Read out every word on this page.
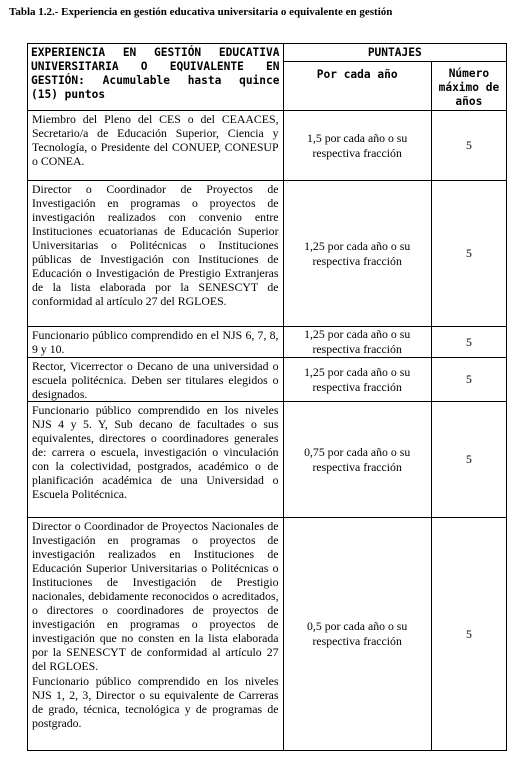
Tabla 1.2.- Experiencia en gestión educativa universitaria o equivalente en gestión
EXPERIENCIA EN GESTIÓN EDUCATIVA UNIVERSITARIA O EQUIVALENTE EN GESTIÓN: Acumulable hasta quince (15) puntos	PUNTAJES	
	Por cada año	Número máximo de años

Miembro del Pleno del CES o del CEAACES, Secretario/a de Educación Superior, Ciencia y Tecnología, o Presidente del CONUEP, CONESUP o CONEA.	1,5 por cada año o su respectiva fracción	5

Director o Coordinador de Proyectos de Investigación en programas o proyectos de investigación realizados con convenio entre Instituciones ecuatorianas de Educación Superior Universitarias o Politécnicas o Instituciones públicas de Investigación con Instituciones de Educación o Investigación de Prestigio Extranjeras de la lista elaborada por la SENESCYT de conformidad al artículo 27 del RGLOES.	1,25 por cada año o su respectiva fracción	5

Funcionario público comprendido en el NJS 6, 7, 8, 9 y 10.	1,25 por cada año o su respectiva fracción	5

Rector, Vicerrector o Decano de una universidad o escuela politécnica. Deben ser titulares elegidos o designados.	1,25 por cada año o su respectiva fracción	5

Funcionario público comprendido en los niveles NJS 4 y 5. Y, Sub decano de facultades o sus equivalentes, directores o coordinadores generales de: carrera o escuela, investigación o vinculación con la colectividad, postgrados, académico o de planificación académica de una Universidad o Escuela Politécnica.	0,75 por cada año o su respectiva fracción	5

Director o Coordinador de Proyectos Nacionales de Investigación en programas o proyectos de investigación realizados en Instituciones de Educación Superior Universitarias o Politécnicas o Instituciones de Investigación de Prestigio nacionales, debidamente reconocidos o acreditados, o directores o coordinadores de proyectos de investigación en programas o proyectos de investigación que no consten en la lista elaborada por la SENESCYT de conformidad al artículo 27 del RGLOES.
Funcionario público comprendido en los niveles NJS 1, 2, 3, Director o su equivalente de Carreras de grado, técnica, tecnológica y de programas de postgrado.	0,5 por cada año o su respectiva fracción	5
